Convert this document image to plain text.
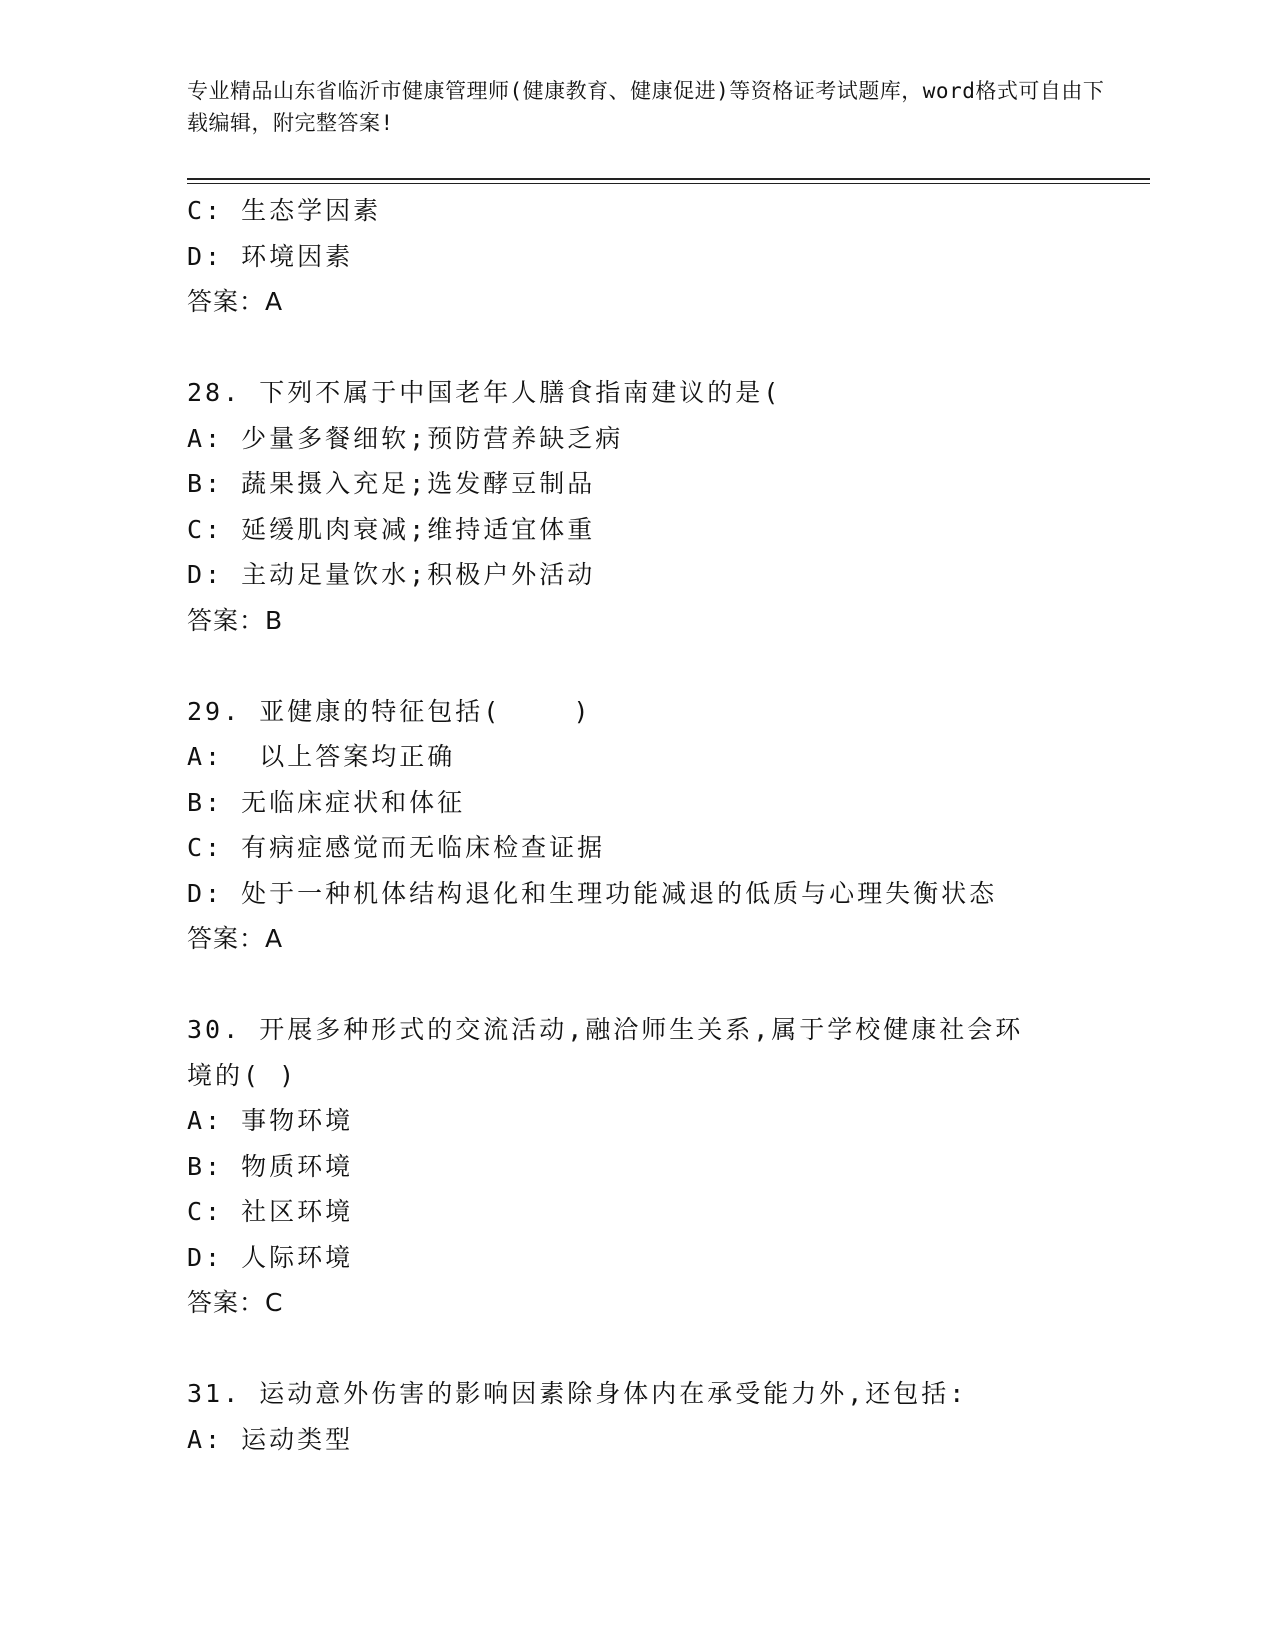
专业精品山东省临沂市健康管理师(健康教育、健康促进)等资格证考试题库，word格式可自由下载编辑，附完整答案!
C: 生态学因素
D: 环境因素
答案：A
28. 下列不属于中国老年人膳食指南建议的是(
A: 少量多餐细软;预防营养缺乏病
B: 蔬果摄入充足;选发酵豆制品
C: 延缓肌肉衰减;维持适宜体重
D: 主动足量饮水;积极户外活动
答案：B
29. 亚健康的特征包括(    )
A:  以上答案均正确
B: 无临床症状和体征
C: 有病症感觉而无临床检查证据
D: 处于一种机体结构退化和生理功能减退的低质与心理失衡状态
答案：A
30. 开展多种形式的交流活动,融洽师生关系,属于学校健康社会环境的( )
A: 事物环境
B: 物质环境
C: 社区环境
D: 人际环境
答案：C
31. 运动意外伤害的影响因素除身体内在承受能力外,还包括:
A: 运动类型
